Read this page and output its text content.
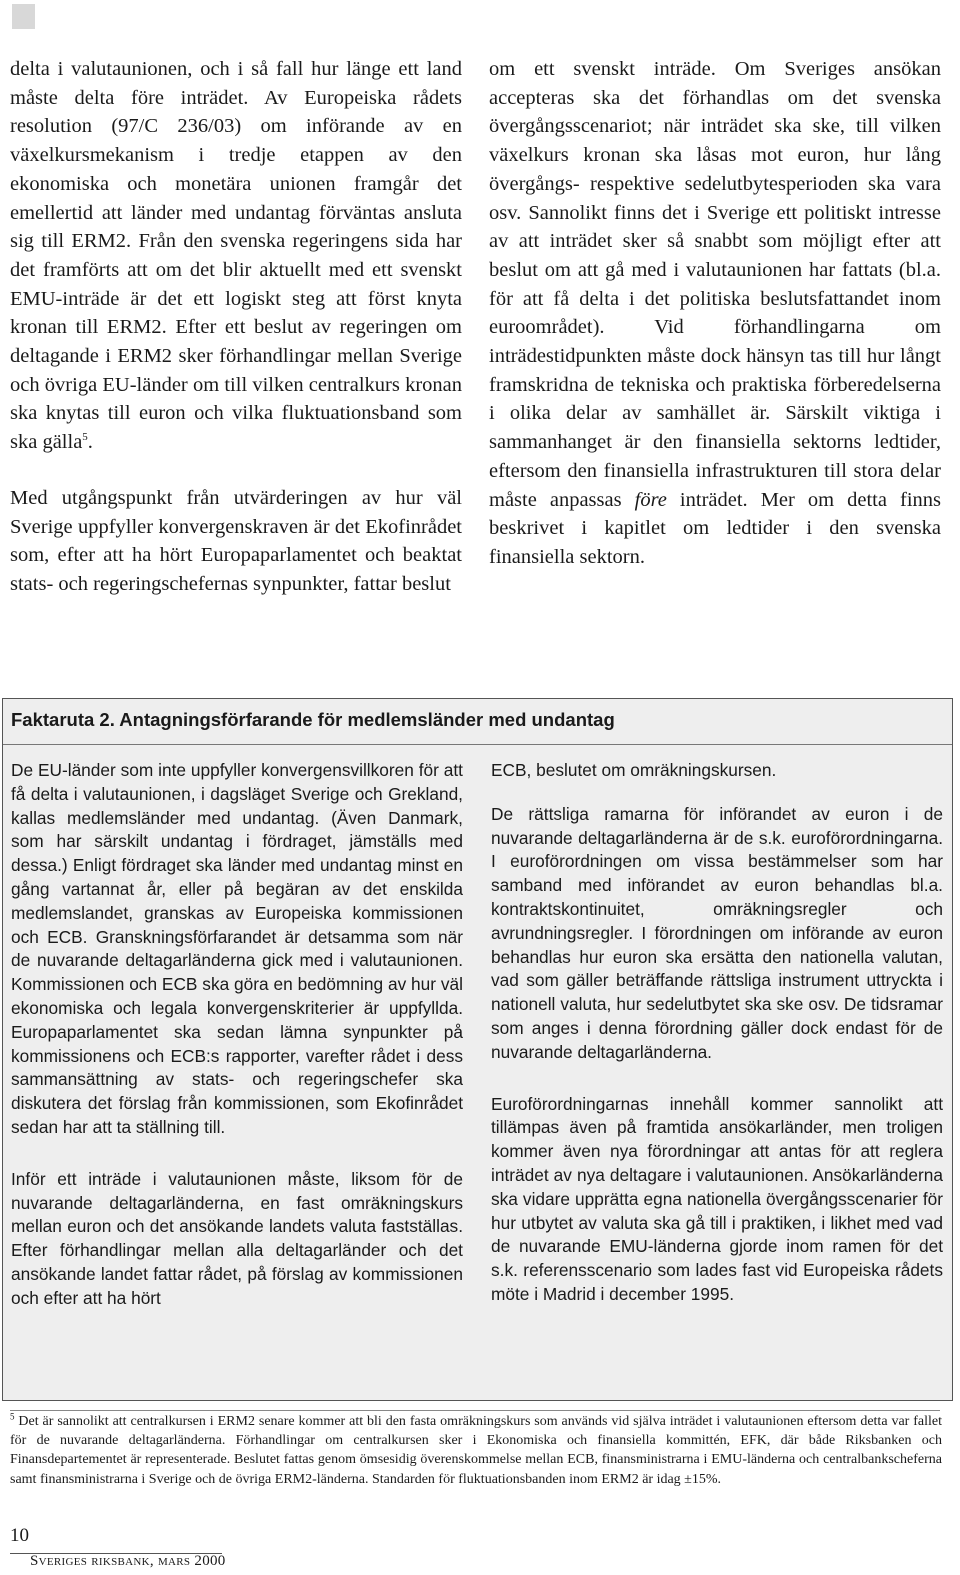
delta i valutaunionen, och i så fall hur länge ett land måste delta före inträdet. Av Europeiska rådets resolution (97/C 236/03) om införande av en växelkursmekanism i tredje etappen av den ekonomiska och monetära unionen framgår det emellertid att länder med undantag förväntas ansluta sig till ERM2. Från den svenska regeringens sida har det framförts att om det blir aktuellt med ett svenskt EMU-inträde är det ett logiskt steg att först knyta kronan till ERM2. Efter ett beslut av regeringen om deltagande i ERM2 sker förhandlingar mellan Sverige och övriga EU-länder om till vilken centralkurs kronan ska knytas till euron och vilka fluktuationsband som ska gälla$^5$.

Med utgångspunkt från utvärderingen av hur väl Sverige uppfyller konvergenskraven är det Ekofinrådet som, efter att ha hört Europaparlamentet och beaktat stats- och regeringschefernas synpunkter, fattar beslut

om ett svenskt inträde. Om Sveriges ansökan accepteras ska det förhandlas om det svenska övergångsscenariot; när inträdet ska ske, till vilken växelkurs kronan ska låsas mot euron, hur lång övergångs- respektive sedelutbytesperioden ska vara osv. Sannolikt finns det i Sverige ett politiskt intresse av att inträdet sker så snabbt som möjligt efter att beslut om att gå med i valutaunionen har fattats (bl.a. för att få delta i det politiska beslutsfattandet inom euroområdet). Vid förhandlingarna om inträdestidpunkten måste dock hänsyn tas till hur långt framskridna de tekniska och praktiska förberedelserna i olika delar av samhället är. Särskilt viktiga i sammanhanget är den finansiella sektorns ledtider, eftersom den finansiella infrastrukturen till stora delar måste anpassas före inträdet. Mer om detta finns beskrivet i kapitlet om ledtider i den svenska finansiella sektorn.

Faktaruta 2. Antagningsförfarande för medlemsländer med undantag

De EU-länder som inte uppfyller konvergensvillkoren för att få delta i valutaunionen, i dagsläget Sverige och Grekland, kallas medlemsländer med undantag. (Även Danmark, som har särskilt undantag i fördraget, jämställs med dessa.) Enligt fördraget ska länder med undantag minst en gång vartannat år, eller på begäran av det enskilda medlemslandet, granskas av Europeiska kommissionen och ECB. Granskningsförfarandet är detsamma som när de nuvarande deltagarländerna gick med i valutaunionen. Kommissionen och ECB ska göra en bedömning av hur väl ekonomiska och legala konvergenskriterier är uppfyllda. Europaparlamentet ska sedan lämna synpunkter på kommissionens och ECB:s rapporter, varefter rådet i dess sammansättning av stats- och regeringschefer ska diskutera det förslag från kommissionen, som Ekofinrådet sedan har att ta ställning till.

Inför ett inträde i valutaunionen måste, liksom för de nuvarande deltagarländerna, en fast omräkningskurs mellan euron och det ansökande landets valuta fastställas. Efter förhandlingar mellan alla deltagarländer och det ansökande landet fattar rådet, på förslag av kommissionen och efter att ha hört

ECB, beslutet om omräkningskursen.

De rättsliga ramarna för införandet av euron i de nuvarande deltagarländerna är de s.k. euroförordningarna. I euroförordningen om vissa bestämmelser som har samband med införandet av euron behandlas bl.a. kontraktskontinuitet, omräkningsregler och avrundningsregler. I förordningen om införande av euron behandlas hur euron ska ersätta den nationella valutan, vad som gäller beträffande rättsliga instrument uttryckta i nationell valuta, hur sedelutbytet ska ske osv. De tidsramar som anges i denna förordning gäller dock endast för de nuvarande deltagarländerna.

Euroförordningarnas innehåll kommer sannolikt att tillämpas även på framtida ansökarländer, men troligen kommer även nya förordningar att antas för att reglera inträdet av nya deltagare i valutaunionen. Ansökarländerna ska vidare upprätta egna nationella övergångsscenarier för hur utbytet av valuta ska gå till i praktiken, i likhet med vad de nuvarande EMU-länderna gjorde inom ramen för det s.k. referensscenario som lades fast vid Europeiska rådets möte i Madrid i december 1995.

$^5$ Det är sannolikt att centralkursen i ERM2 senare kommer att bli den fasta omräkningskurs som används vid själva inträdet i valutaunionen eftersom detta var fallet för de nuvarande deltagarländerna. Förhandlingar om centralkursen sker i Ekonomiska och finansiella kommittén, EFK, där både Riksbanken och Finansdepartementet är representerade. Beslutet fattas genom ömsesidig överenskommelse mellan ECB, finansministrarna i EMU-länderna och centralbankscheferna samt finansministrarna i Sverige och de övriga ERM2-länderna. Standarden för fluktuationsbanden inom ERM2 är idag ±15%.

10
Sveriges riksbank, mars 2000
